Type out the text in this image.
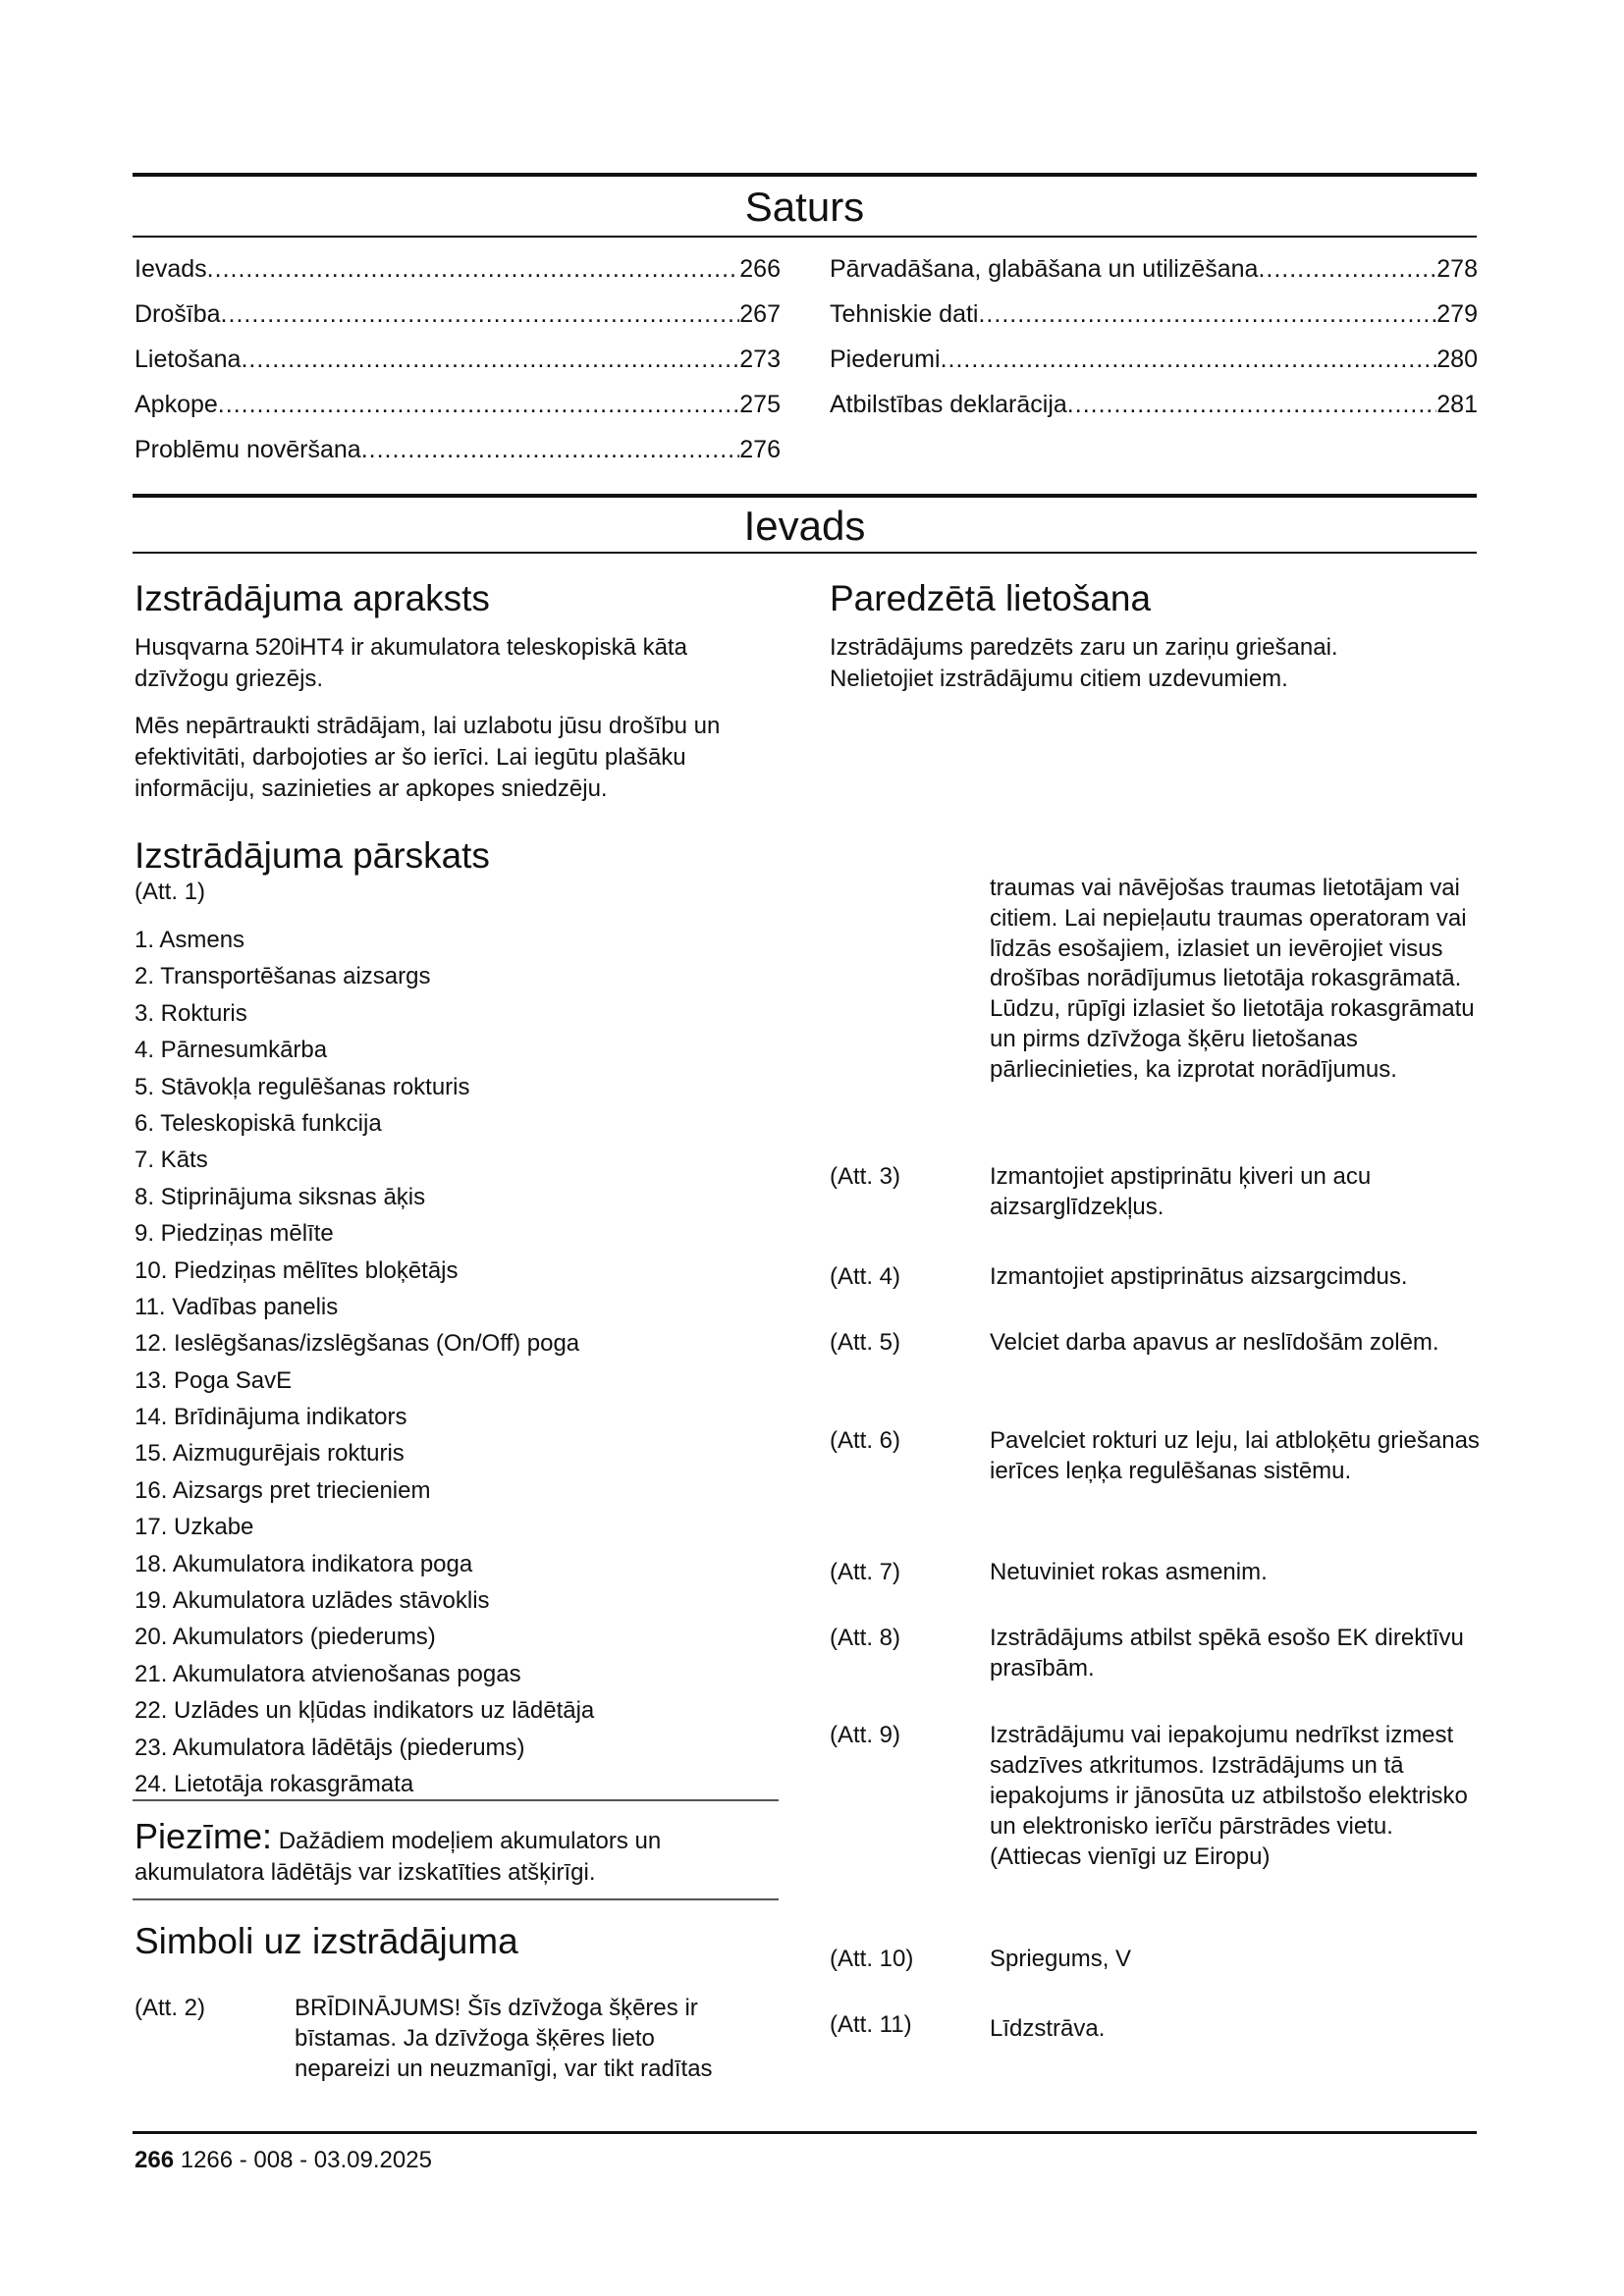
Saturs
Ievads .....	266
Drošība .....	267
Lietošana .....	273
Apkope .....	275
Problēmu novēršana .....	276
Pārvadāšana, glabāšana un utilizēšana .....	278
Tehniskie dati .....	279
Piederumi .....	280
Atbilstības deklarācija .....	281
Ievads
Izstrādājuma apraksts

Husqvarna 520iHT4 ir akumulatora teleskopiskā kāta dzīvžogu griezējs.

Mēs nepārtraukti strādājam, lai uzlabotu jūsu drošību un efektivitāti, darbojoties ar šo ierīci. Lai iegūtu plašāku informāciju, sazinieties ar apkopes sniedzēju.

Izstrādājuma pārskats

(Att. 1)

1. Asmens
2. Transportēšanas aizsargs
3. Rokturis
4. Pārnesumkārba
5. Stāvokļa regulēšanas rokturis
6. Teleskopiskā funkcija
7. Kāts
8. Stiprinājuma siksnas āķis
9. Piedziņas mēlīte
10. Piedziņas mēlītes bloķētājs
11. Vadības panelis
12. Ieslēgšanas/izslēgšanas (On/Off) poga
13. Poga SavE
14. Brīdinājuma indikators
15. Aizmugurējais rokturis
16. Aizsargs pret triecieniem
17. Uzkabe
18. Akumulatora indikatora poga
19. Akumulatora uzlādes stāvoklis
20. Akumulators (piederums)
21. Akumulatora atvienošanas pogas
22. Uzlādes un kļūdas indikators uz lādētāja
23. Akumulatora lādētājs (piederums)
24. Lietotāja rokasgrāmata
Piezīme: Dažādiem modeļiem akumulators un akumulatora lādētājs var izskatīties atšķirīgi.
Simboli uz izstrādājuma
(Att. 2)	BRĪDINĀJUMS! Šīs dzīvžoga šķēres ir bīstamas. Ja dzīvžoga šķēres lieto nepareizi un neuzmanīgi, var tikt radītas
Paredzētā lietošana

Izstrādājums paredzēts zaru un zariņu griešanai. Nelietojiet izstrādājumu citiem uzdevumiem.

traumas vai nāvējošas traumas lietotājam vai citiem. Lai nepieļautu traumas operatoram vai līdzās esošajiem, izlasiet un ievērojiet visus drošības norādījumus lietotāja rokasgrāmatā. Lūdzu, rūpīgi izlasiet šo lietotāja rokasgrāmatu un pirms dzīvžoga šķēru lietošanas pārliecinieties, ka izprotat norādījumus.

(Att. 3)	Izmantojiet apstiprinātu ķiveri un acu aizsarglīdzekļus.
(Att. 4)	Izmantojiet apstiprinātus aizsargcimdus.
(Att. 5)	Velciet darba apavus ar neslīdošām zolēm.
(Att. 6)	Pavelciet rokturi uz leju, lai atbloķētu griešanas ierīces leņķa regulēšanas sistēmu.
(Att. 7)	Netuviniet rokas asmenim.
(Att. 8)	Izstrādājums atbilst spēkā esošo EK direktīvu prasībām.
(Att. 9)	Izstrādājumu vai iepakojumu nedrīkst izmest sadzīves atkritumos. Izstrādājums un tā iepakojums ir jānosūta uz atbilstošo elektrisko un elektronisko ierīču pārstrādes vietu. (Attiecas vienīgi uz Eiropu)
(Att. 10)	Spriegums, V
(Att. 11)	Līdzstrāva.
266 1266 - 008 - 03.09.2025
